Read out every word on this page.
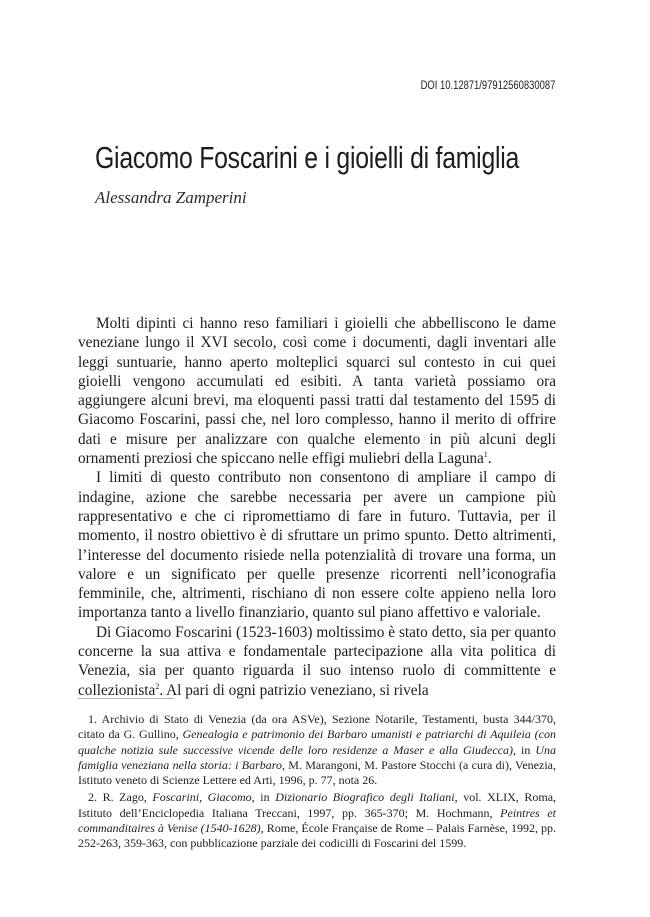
DOI 10.12871/97912560830087
Giacomo Foscarini e i gioielli di famiglia
Alessandra Zamperini

Molti dipinti ci hanno reso familiari i gioielli che abbelliscono le dame veneziane lungo il XVI secolo, così come i documenti, dagli inventari alle leggi suntuarie, hanno aperto molteplici squarci sul contesto in cui quei gioielli vengono accumulati ed esibiti. A tanta varietà possiamo ora aggiungere alcuni brevi, ma eloquenti passi tratti dal testamento del 1595 di Giacomo Foscarini, passi che, nel loro complesso, hanno il merito di offrire dati e misure per analizzare con qualche elemento in più alcuni degli ornamenti preziosi che spiccano nelle effigi muliebri della Laguna$^1$.

I limiti di questo contributo non consentono di ampliare il campo di indagine, azione che sarebbe necessaria per avere un campione più rappresentativo e che ci ripromettiamo di fare in futuro. Tuttavia, per il momento, il nostro obiettivo è di sfruttare un primo spunto. Detto altrimenti, l’interesse del documento risiede nella potenzialità di trovare una forma, un valore e un significato per quelle presenze ricorrenti nell’iconografia femminile, che, altrimenti, rischiano di non essere colte appieno nella loro importanza tanto a livello finanziario, quanto sul piano affettivo e valoriale.

Di Giacomo Foscarini (1523-1603) moltissimo è stato detto, sia per quanto concerne la sua attiva e fondamentale partecipazione alla vita politica di Venezia, sia per quanto riguarda il suo intenso ruolo di committente e collezionista$^2$. Al pari di ogni patrizio veneziano, si rivela

1. Archivio di Stato di Venezia (da ora ASVe), Sezione Notarile, Testamenti, busta 344/370, citato da G. Gullino, Genealogia e patrimonio dei Barbaro umanisti e patriarchi di Aquileia (con qualche notizia sule successive vicende delle loro residenze a Maser e alla Giudecca), in Una famiglia veneziana nella storia: i Barbaro, M. Marangoni, M. Pastore Stocchi (a cura di), Venezia, Istituto veneto di Scienze Lettere ed Arti, 1996, p. 77, nota 26.

2. R. Zago, Foscarini, Giacomo, in Dizionario Biografico degli Italiani, vol. XLIX, Roma, Istituto dell’Enciclopedia Italiana Treccani, 1997, pp. 365-370; M. Hochmann, Peintres et commanditaires à Venise (1540-1628), Rome, École Française de Rome – Palais Farnèse, 1992, pp. 252-263, 359-363, con pubblicazione parziale dei codicilli di Foscarini del 1599.
